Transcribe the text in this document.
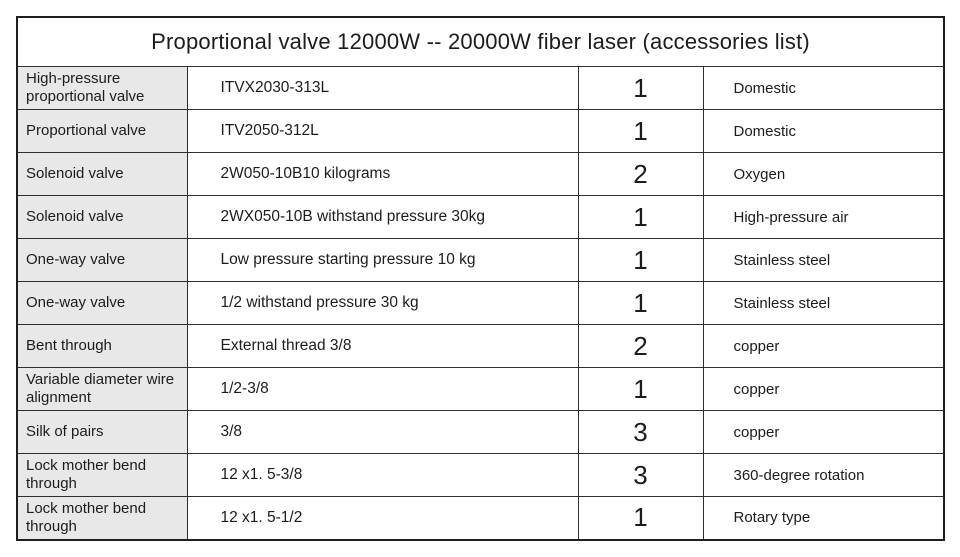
Proportional valve 12000W -- 20000W fiber laser (accessories list)			
High-pressure proportional valve	ITVX2030-313L	1	Domestic
Proportional valve	ITV2050-312L	1	Domestic
Solenoid valve	2W050-10B10 kilograms	2	Oxygen
Solenoid valve	2WX050-10B withstand pressure 30kg	1	High-pressure air
One-way valve	Low pressure starting pressure 10 kg	1	Stainless steel
One-way valve	1/2 withstand pressure 30 kg	1	Stainless steel
Bent through	External thread 3/8	2	copper
Variable diameter wire alignment	1/2-3/8	1	copper
Silk of pairs	3/8	3	copper
Lock mother bend through	12 x1. 5-3/8	3	360-degree rotation
Lock mother bend through	12 x1. 5-1/2	1	Rotary type
